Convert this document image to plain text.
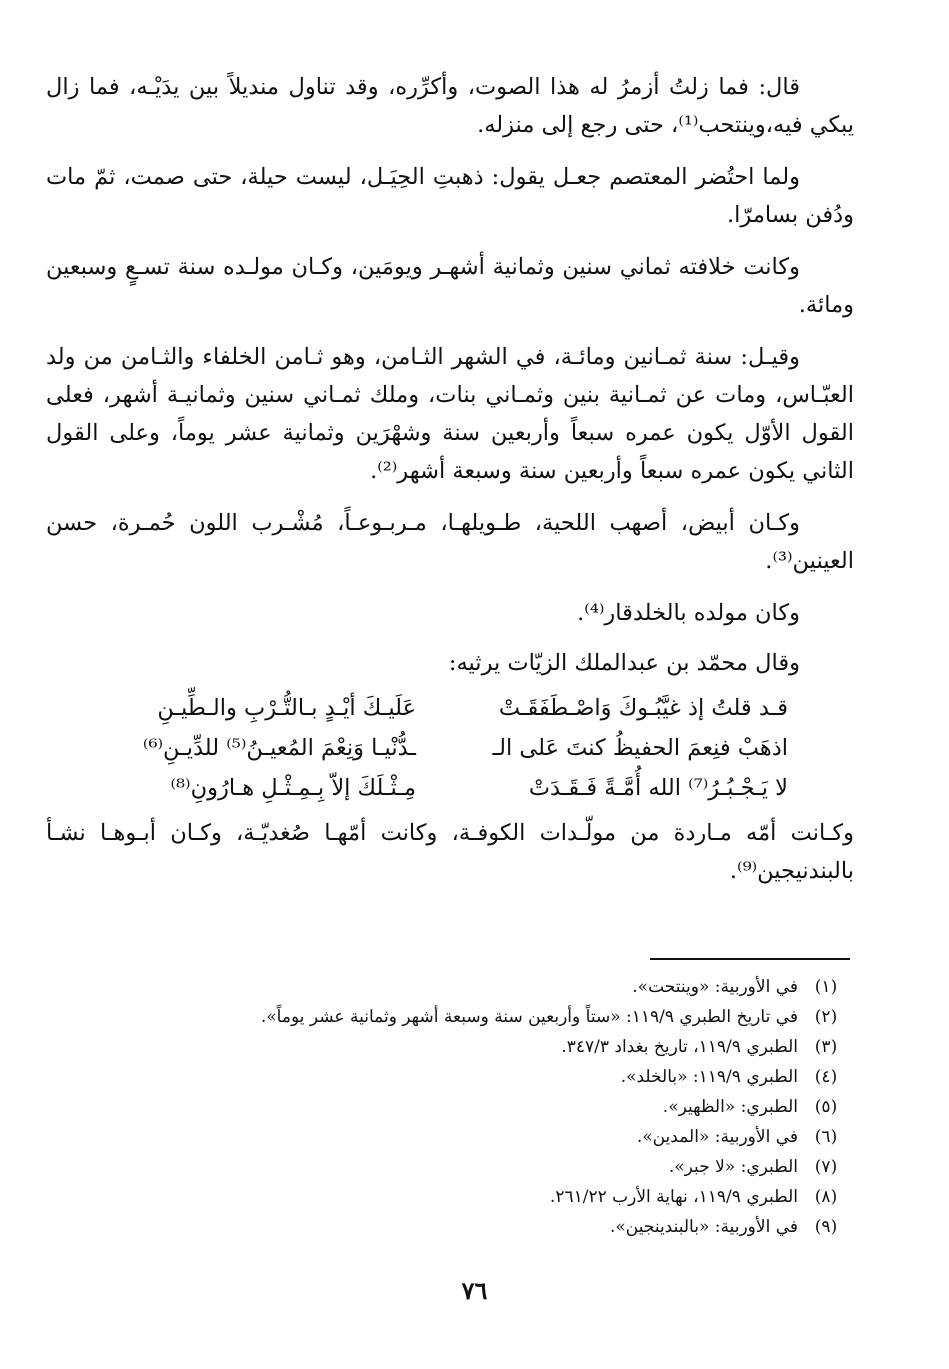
قال: فما زلتُ أزمرُ له هذا الصوت، وأكرِّره، وقد تناول منديلاً بين يدَيْـه، فما زال يبكي فيه،وينتحب⁽¹⁾، حتى رجع إلى منزله.

ولما احتُضر المعتصم جعـل يقول: ذهبتِ الحِيَـل، ليست حيلة، حتى صمت، ثمّ مات ودُفن بسامرّا.

وكانت خلافته ثماني سنين وثمانية أشهـر ويومَين، وكـان مولـده سنة تسـعٍ وسبعين ومائة.

وقيـل: سنة ثمـانين ومائـة، في الشهر الثـامن، وهو ثـامن الخلفاء والثـامن من ولد العبّـاس، ومات عن ثمـانية بنين وثمـاني بنات، وملك ثمـاني سنين وثمانيـة أشهر، فعلى القول الأوّل يكون عمره سبعاً وأربعين سنة وشهْرَين وثمانية عشر يوماً، وعلى القول الثاني يكون عمره سبعاً وأربعين سنة وسبعة أشهر⁽²⁾.

وكـان أبيض، أصهب اللحية، طـويلهـا، مـربـوعـاً، مُشْـرب اللون حُمـرة، حسن العينين⁽³⁾.

وكان مولده بالخلدقار⁽⁴⁾.

وقال محمّد بن عبدالملك الزيّات يرثيه:

قـد قلتُ إذ غيَّبُـوكَ وَاصْـطَفَقَـتْ
عَلَيـكَ أيْـدٍ بـالتُّـرْبِ والـطِّيـنِ
اذهَبْ فنِعمَ الحفيظُ كنتَ عَلى الـ
ـدُّنْيـا وَنِعْمَ المُعيـنُ⁽⁵⁾ للدِّيـنِ⁽⁶⁾
لا يَـجْـبُـرُ⁽⁷⁾ الله أُمَّـةً فَـقَـدَتْ
مِـثْـلَكَ إلاّ بِـمِـثْـلِ هـارُونِ⁽⁸⁾

وكـانت أمّه مـاردة من مولّـدات الكوفـة، وكانت أمّهـا صُغديّـة، وكـان أبـوهـا نشـأ بالبندنيجين⁽⁹⁾.

(١)
في الأوربية: «وينتحت».
(٢)
في تاريخ الطبري ١١٩/٩: «ستاً وأربعين سنة وسبعة أشهر وثمانية عشر يوماً».
(٣)
الطبري ١١٩/٩، تاريخ بغداد ٣٤٧/٣.
(٤)
الطبري ١١٩/٩: «بالخلد».
(٥)
الطبري: «الظهير».
(٦)
في الأوربية: «المدين».
(٧)
الطبري: «لا جبر».
(٨)
الطبري ١١٩/٩، نهاية الأرب ٢٦١/٢٢.
(٩)
في الأوربية: «بالبندينجين».
٧٦
